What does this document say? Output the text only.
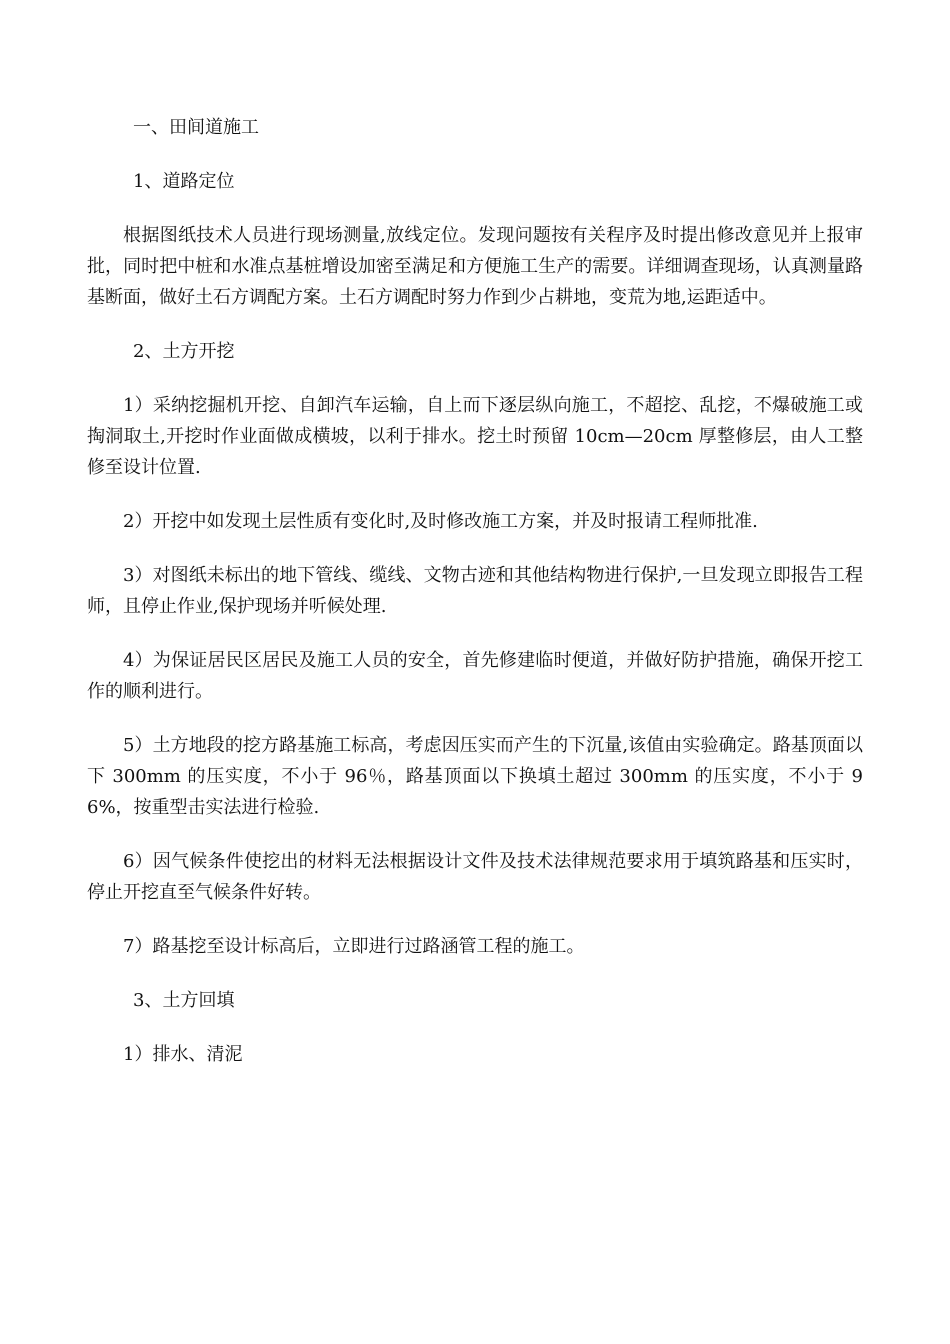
一、田间道施工

1、道路定位

根据图纸技术人员进行现场测量,放线定位。发现问题按有关程序及时提出修改意见并上报审批，同时把中桩和水准点基桩增设加密至满足和方便施工生产的需要。详细调查现场，认真测量路基断面，做好土石方调配方案。土石方调配时努力作到少占耕地，变荒为地,运距适中。

2、土方开挖

1）采纳挖掘机开挖、自卸汽车运输，自上而下逐层纵向施工，不超挖、乱挖，不爆破施工或掏洞取土,开挖时作业面做成横坡，以利于排水。挖土时预留 10cm—20cm 厚整修层，由人工整修至设计位置.

2）开挖中如发现土层性质有变化时,及时修改施工方案，并及时报请工程师批准.

3）对图纸未标出的地下管线、缆线、文物古迹和其他结构物进行保护,一旦发现立即报告工程师，且停止作业,保护现场并听候处理.

4）为保证居民区居民及施工人员的安全，首先修建临时便道，并做好防护措施，确保开挖工作的顺利进行。

5）土方地段的挖方路基施工标高，考虑因压实而产生的下沉量,该值由实验确定。路基顶面以下 300mm 的压实度，不小于 96％，路基顶面以下换填土超过 300mm 的压实度，不小于 96%，按重型击实法进行检验.

6）因气候条件使挖出的材料无法根据设计文件及技术法律规范要求用于填筑路基和压实时，停止开挖直至气候条件好转。

7）路基挖至设计标高后，立即进行过路涵管工程的施工。

3、土方回填

1）排水、清泥
